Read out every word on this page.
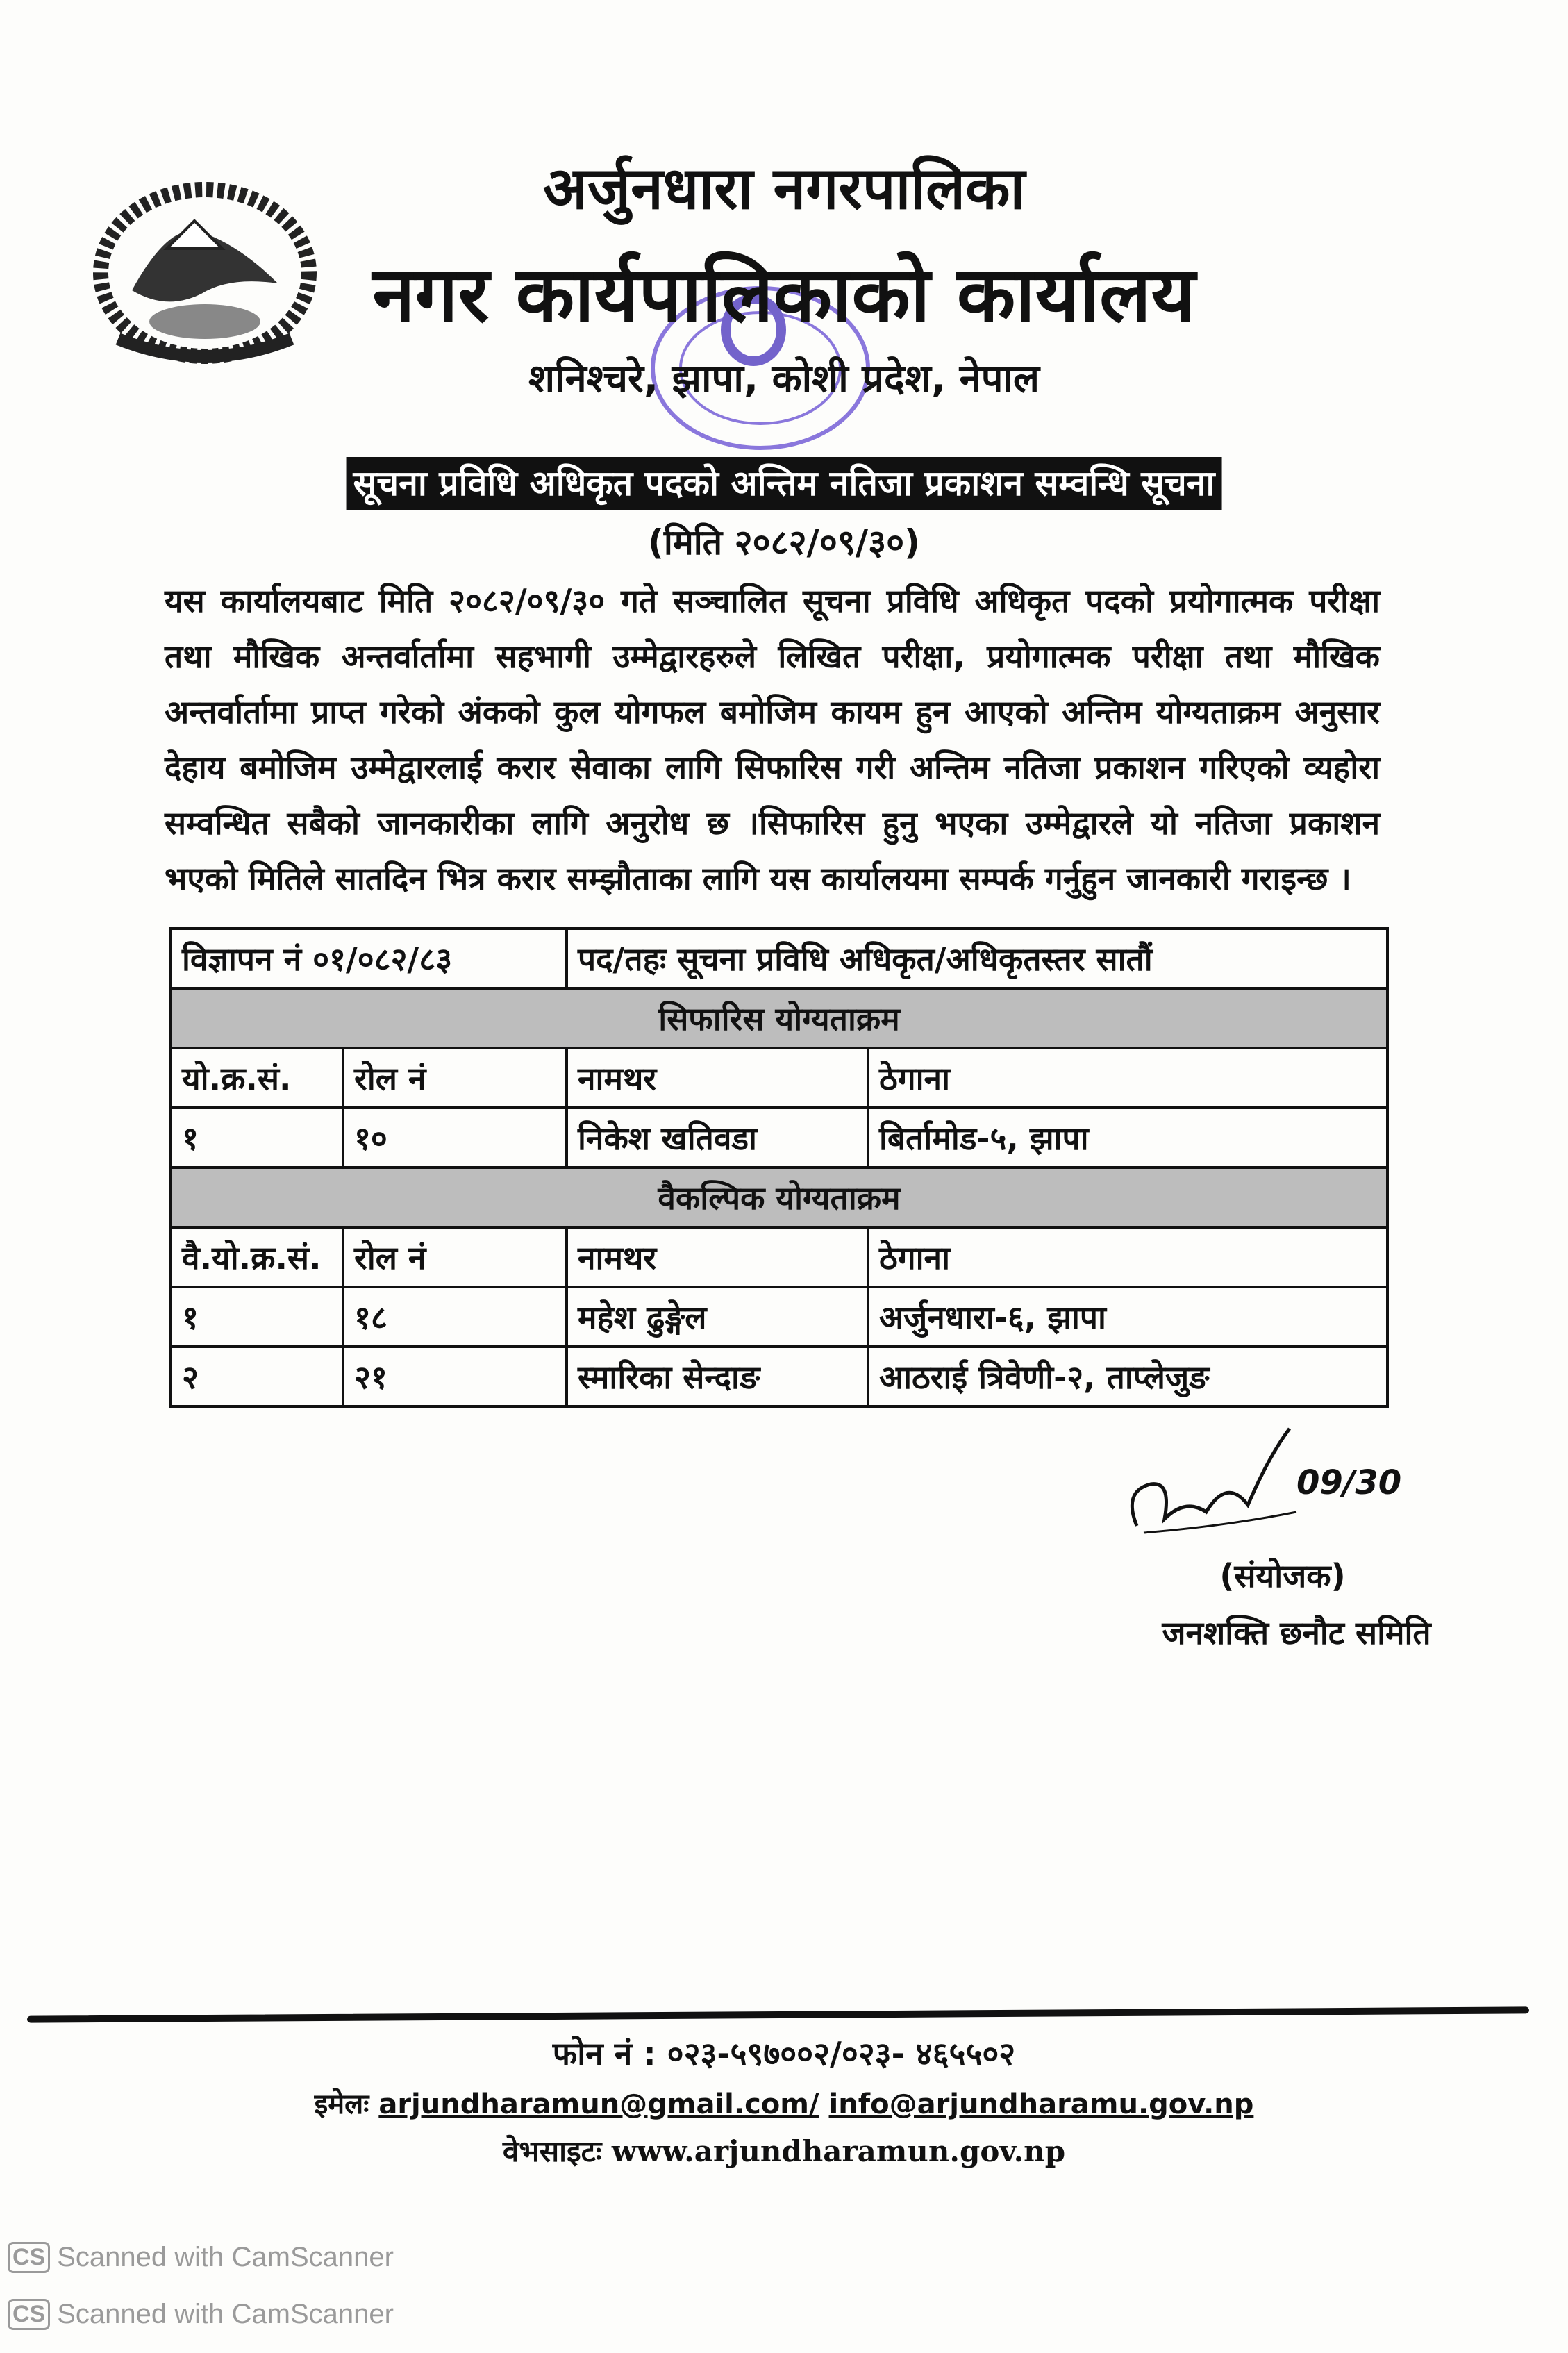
अर्जुनधारा नगरपालिका
नगर कार्यपालिकाको कार्यालय
शनिश्चरे, झापा, कोशी प्रदेश, नेपाल
सूचना प्रविधि अधिकृत पदको अन्तिम नतिजा प्रकाशन सम्वन्धि सूचना
(मिति २०८२/०९/३०)
यस कार्यालयबाट मिति २०८२/०९/३० गते सञ्चालित सूचना प्रविधि अधिकृत पदको प्रयोगात्मक परीक्षा तथा मौखिक अन्तर्वार्तामा सहभागी उम्मेद्वारहरुले लिखित परीक्षा, प्रयोगात्मक परीक्षा तथा मौखिक अन्तर्वार्तामा प्राप्त गरेको अंकको कुल योगफल बमोजिम कायम हुन आएको अन्तिम योग्यताक्रम अनुसार देहाय बमोजिम उम्मेद्वारलाई करार सेवाका लागि सिफारिस गरी अन्तिम नतिजा प्रकाशन गरिएको व्यहोरा सम्वन्धित सबैको जानकारीका लागि अनुरोध छ ।सिफारिस हुनु भएका उम्मेद्वारले यो नतिजा प्रकाशन भएको मितिले सातदिन भित्र करार सम्झौताका लागि यस कार्यालयमा सम्पर्क गर्नुहुन जानकारी गराइन्छ ।
विज्ञापन नं ०१/०८२/८३		पद/तहः सूचना प्रविधि अधिकृत/अधिकृतस्तर सातौं	
सिफारिस योग्यताक्रम			
यो.क्र.सं.	रोल नं	नामथर	ठेगाना
१	१०	निकेश खतिवडा	बिर्तामोड-५, झापा
वैकल्पिक योग्यताक्रम			
वै.यो.क्र.सं.	रोल नं	नामथर	ठेगाना
१	१८	महेश ढुङ्गेल	अर्जुनधारा-६, झापा
२	२१	स्मारिका सेन्दाङ	आठराई त्रिवेणी-२, ताप्लेजुङ
09/30
(संयोजक)
जनशक्ति छनौट समिति
फोन नं : ०२३-५९७००२/०२३- ४६५५०२
इमेलः arjundharamun@gmail.com/ info@arjundharamu.gov.np
वेभसाइटः www.arjundharamun.gov.np
CS Scanned with CamScanner
CS Scanned with CamScanner
